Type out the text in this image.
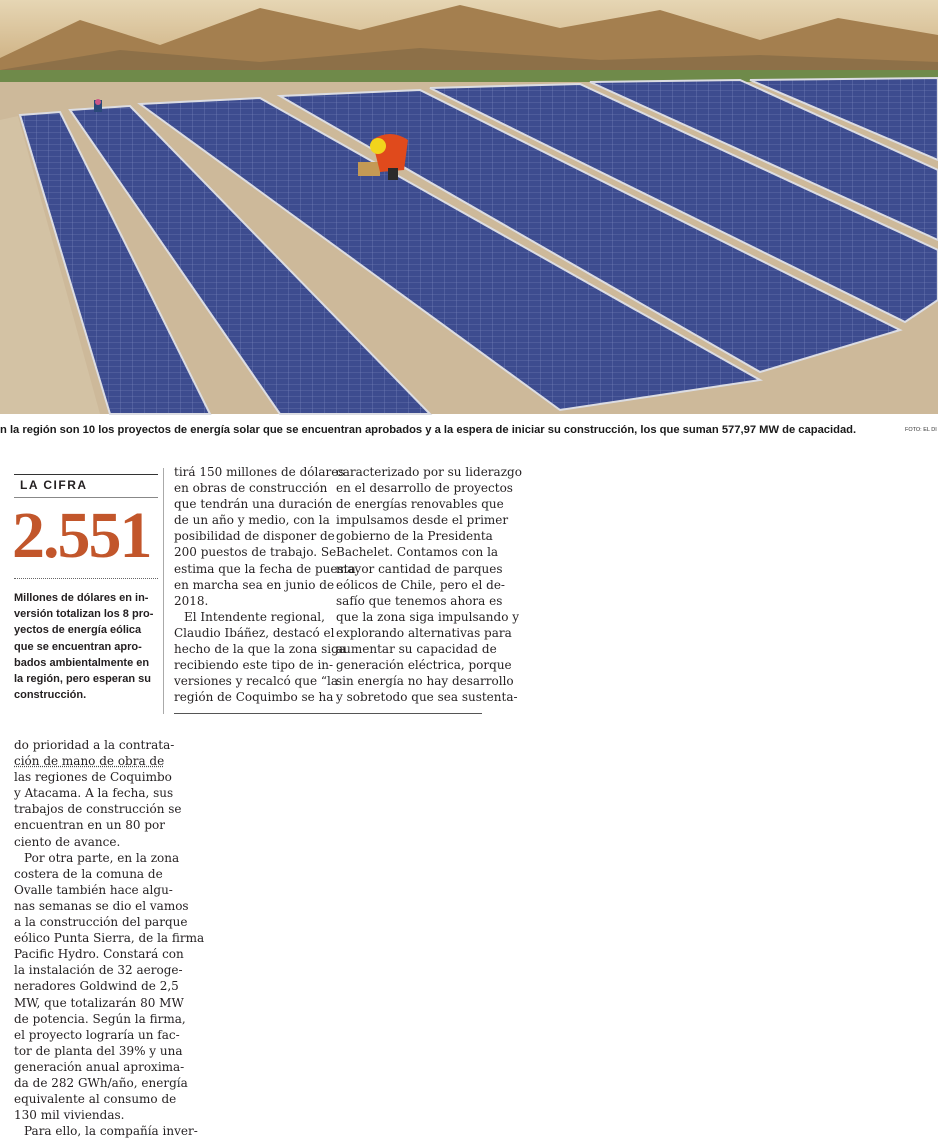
n la región son 10 los proyectos de energía solar que se encuentran aprobados y a la espera de iniciar su construcción, los que suman 577,97 MW de capacidad.	FOTO: EL DI
LA CIFRA
2.551
Millones de dólares en in-
versión totalizan los 8 pro-
yectos de energía eólica
que se encuentran apro-
bados ambientalmente en
la región, pero esperan su
construcción.
tirá 150 millones de dólares
en obras de construcción
que tendrán una duración
de un año y medio, con la
posibilidad de disponer de
200 puestos de trabajo. Se
estima que la fecha de puesta
en marcha sea en junio de
2018.
El Intendente regional,
Claudio Ibáñez, destacó el
hecho de la que la zona siga
recibiendo este tipo de in-
versiones y recalcó que “la
región de Coquimbo se ha
caracterizado por su liderazgo
en el desarrollo de proyectos
de energías renovables que
impulsamos desde el primer
gobierno de la Presidenta
Bachelet. Contamos con la
mayor cantidad de parques
eólicos de Chile, pero el de-
safío que tenemos ahora es
que la zona siga impulsando y
explorando alternativas para
aumentar su capacidad de
generación eléctrica, porque
sin energía no hay desarrollo
y sobretodo que sea sustenta-
do prioridad a la contrata-
ción de mano de obra de
las regiones de Coquimbo
y Atacama. A la fecha, sus
trabajos de construcción se
encuentran en un 80 por
ciento de avance.
Por otra parte, en la zona
costera de la comuna de
Ovalle también hace algu-
nas semanas se dio el vamos
a la construcción del parque
eólico Punta Sierra, de la firma
Pacific Hydro. Constará con
la instalación de 32 aeroge-
neradores Goldwind de 2,5
MW, que totalizarán 80 MW
de potencia. Según la firma,
el proyecto lograría un fac-
tor de planta del 39% y una
generación anual aproxima-
da de 282 GWh/año, energía
equivalente al consumo de
130 mil viviendas.
Para ello, la compañía inver-
